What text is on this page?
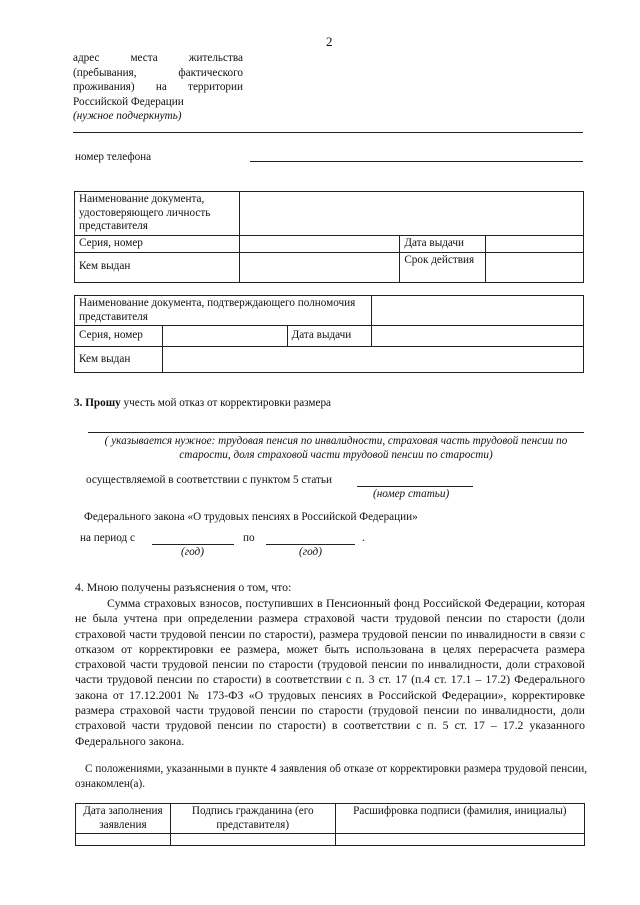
2
адрес места жительства
(пребывания, фактического
проживания) на территории
Российской Федерации
(нужное подчеркнуть)
номер телефона
Наименование документа, удостоверяющего личность представителя			
Серия, номер		Дата выдачи	
Кем выдан		Срок действия	
Наименование документа, подтверждающего полномочия представителя			
Серия, номер		Дата выдачи	
Кем выдан			
3. Прошу учесть мой отказ от корректировки размера
( указывается нужное: трудовая пенсия по инвалидности, страховая часть трудовой пенсии по старости, доля страховой части трудовой пенсии по старости)
осуществляемой в соответствии с пунктом 5 статьи
(номер статьи)
Федерального закона «О трудовых пенсиях в Российской Федерации»
на период с	по	.
(год)	(год)
4. Мною получены разъяснения о том, что:
Сумма страховых взносов, поступивших в Пенсионный фонд Российской Федерации, которая не была учтена при определении размера страховой части трудовой пенсии по старости (доли страховой части трудовой пенсии по старости), размера трудовой пенсии по инвалидности в связи с отказом от корректировки ее размера, может быть использована в целях перерасчета размера страховой части трудовой пенсии по старости (трудовой пенсии по инвалидности, доли страховой части трудовой пенсии по старости) в соответствии с п. 3 ст. 17 (п.4 ст. 17.1 – 17.2) Федерального закона от 17.12.2001 № 173-ФЗ «О трудовых пенсиях в Российской Федерации», корректировке размера страховой части трудовой пенсии по старости (трудовой пенсии по инвалидности, доли страховой части трудовой пенсии по старости) в соответствии с п. 5 ст. 17 – 17.2 указанного Федерального закона.
С положениями, указанными в пункте 4 заявления об отказе от корректировки размера трудовой пенсии, ознакомлен(а).
Дата заполнения заявления	Подпись гражданина (его представителя)	Расшифровка подписи (фамилия, инициалы)
